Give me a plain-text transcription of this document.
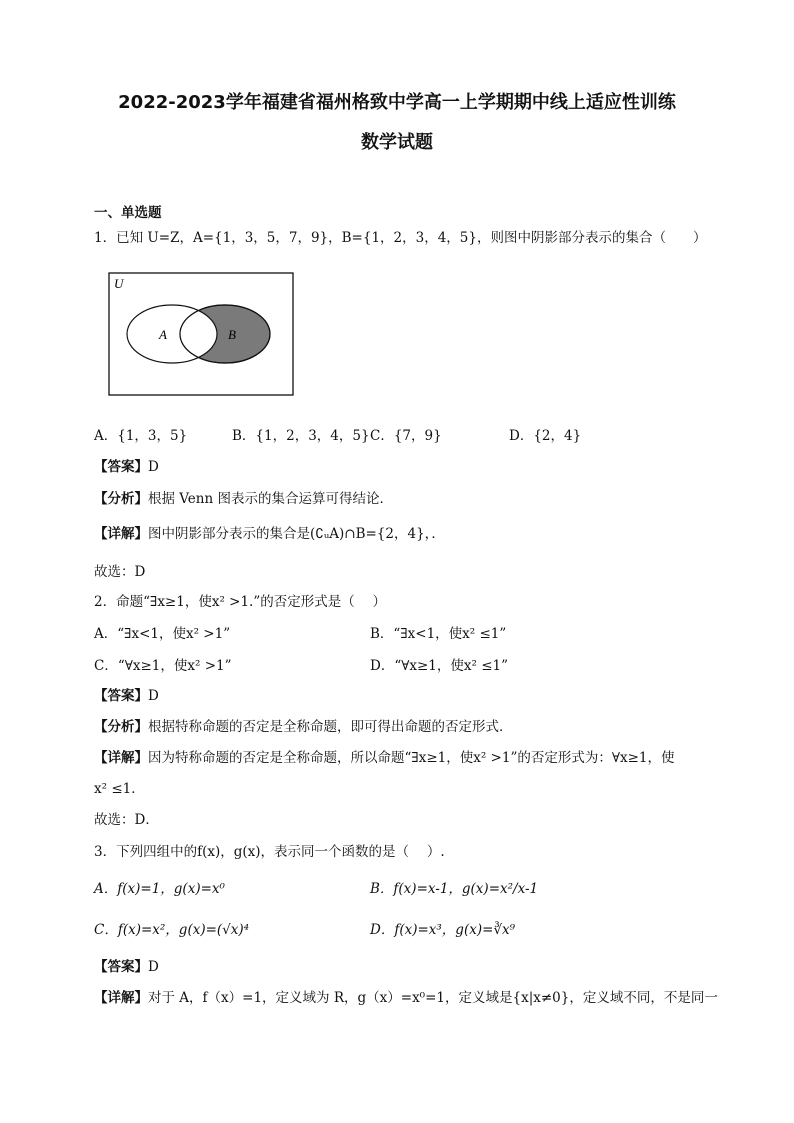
2022-2023学年福建省福州格致中学高一上学期期中线上适应性训练
数学试题
一、单选题
1．已知 U=Z，A={1，3，5，7，9}，B={1，2，3，4，5}，则图中阴影部分表示的集合（　　）
U
A	B
A．{1，3，5}	B．{1，2，3，4，5} C．{7，9}	D．{2，4}
【答案】D
【分析】根据 Venn 图表示的集合运算可得结论．
【详解】图中阴影部分表示的集合是(∁ᵤA)∩B={2，4}，．
故选：D
2．命题“∃x≥1，使x² >1.”的否定形式是（　 ）
A．“∃x<1，使x² >1”	B．“∃x<1，使x² ≤1”
C．“∀x≥1，使x² >1”	D．“∀x≥1，使x² ≤1”
【答案】D
【分析】根据特称命题的否定是全称命题，即可得出命题的否定形式．
【详解】因为特称命题的否定是全称命题，所以命题“∃x≥1，使x² >1”的否定形式为：∀x≥1，使
x² ≤1．
故选：D．
3．下列四组中的f(x)，g(x)，表示同一个函数的是（　 ）.
A．f(x)=1，g(x)=x⁰	B．f(x)=x-1，g(x)=x²/x-1
C．f(x)=x²，g(x)=(√x)⁴	D．f(x)=x³，g(x)=∛x⁹
【答案】D
【详解】对于 A，f（x）=1，定义域为 R，g（x）=x⁰=1，定义域是{x|x≠0}，定义域不同，不是同一
